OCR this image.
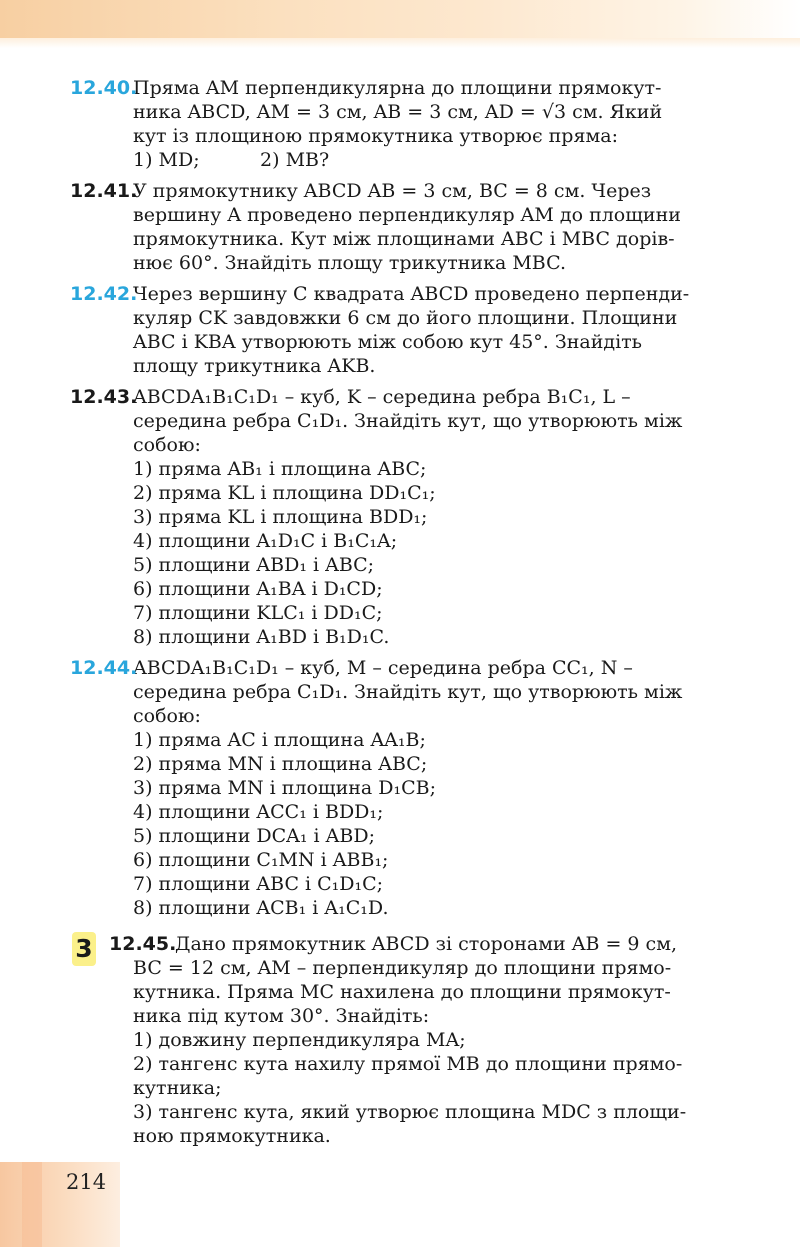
12.40.
Пряма AM перпендикулярна до площини прямокут-
ника ABCD, AM = 3 см, AB = 3 см, AD = √3 см. Який
кут із площиною прямокутника утворює пряма:
1) MD;          2) MB?
12.41.
У прямокутнику ABCD AB = 3 см, BC = 8 см. Через
вершину A проведено перпендикуляр AM до площини
прямокутника. Кут між площинами ABC і MBC дорів-
нює 60°. Знайдіть площу трикутника MBC.
12.42.
Через вершину C квадрата ABCD проведено перпенди-
куляр CK завдовжки 6 см до його площини. Площини
ABC і KBA утворюють між собою кут 45°. Знайдіть
площу трикутника AKB.
12.43.
ABCDA₁B₁C₁D₁ – куб, K – середина ребра B₁C₁, L –
середина ребра C₁D₁. Знайдіть кут, що утворюють між
собою:
1) пряма AB₁ і площина ABC;
2) пряма KL і площина DD₁C₁;
3) пряма KL і площина BDD₁;
4) площини A₁D₁C і B₁C₁A;
5) площини ABD₁ і ABC;
6) площини A₁BA і D₁CD;
7) площини KLC₁ і DD₁C;
8) площини A₁BD і B₁D₁C.
12.44.
ABCDA₁B₁C₁D₁ – куб, M – середина ребра CC₁, N –
середина ребра C₁D₁. Знайдіть кут, що утворюють між
собою:
1) пряма AC і площина AA₁B;
2) пряма MN і площина ABC;
3) пряма MN і площина D₁CB;
4) площини ACC₁ і BDD₁;
5) площини DCA₁ і ABD;
6) площини C₁MN і ABB₁;
7) площини ABC і C₁D₁C;
8) площини ACB₁ і A₁C₁D.
3 12.45.
Дано прямокутник ABCD зі сторонами AB = 9 см,
BC = 12 см, AM – перпендикуляр до площини прямо-
кутника. Пряма MC нахилена до площини прямокут-
ника під кутом 30°. Знайдіть:
1) довжину перпендикуляра MA;
2) тангенс кута нахилу прямої MB до площини прямо-
кутника;
3) тангенс кута, який утворює площина MDC з площи-
ною прямокутника.
214
